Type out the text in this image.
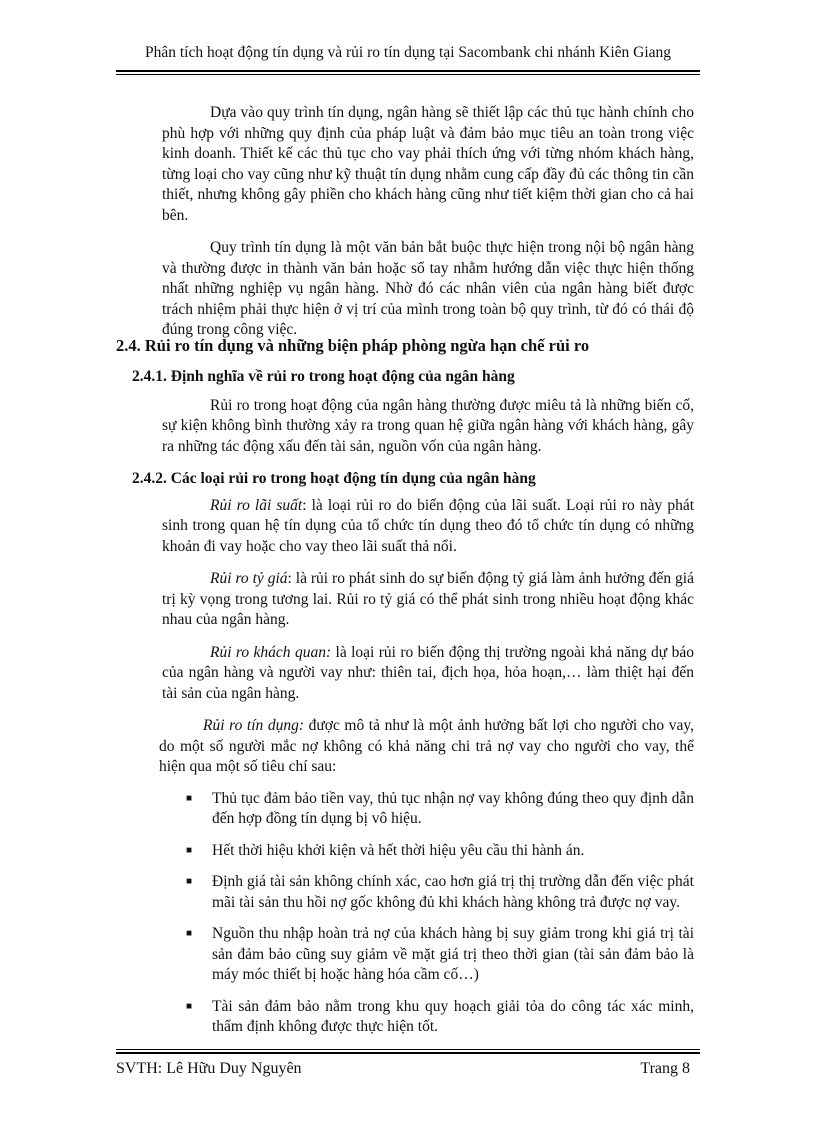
Phân tích hoạt động tín dụng và rủi ro tín dụng tại Sacombank chi nhánh Kiên Giang

Dựa vào quy trình tín dụng, ngân hàng sẽ thiết lập các thủ tục hành chính cho phù hợp với những quy định của pháp luật và đảm bảo mục tiêu an toàn trong việc kinh doanh. Thiết kế các thủ tục cho vay phải thích ứng với từng nhóm khách hàng, từng loại cho vay cũng như kỹ thuật tín dụng nhằm cung cấp đầy đủ các thông tin cần thiết, nhưng không gây phiền cho khách hàng cũng như tiết kiệm thời gian cho cả hai bên.

Quy trình tín dụng là một văn bản bắt buộc thực hiện trong nội bộ ngân hàng và thường được in thành văn bản hoặc sổ tay nhằm hướng dẫn việc thực hiện thống nhất những nghiệp vụ ngân hàng. Nhờ đó các nhân viên của ngân hàng biết được trách nhiệm phải thực hiện ở vị trí của mình trong toàn bộ quy trình, từ đó có thái độ đúng trong công việc.

2.4. Rủi ro tín dụng và những biện pháp phòng ngừa hạn chế rủi ro

2.4.1. Định nghĩa về rủi ro trong hoạt động của ngân hàng

Rủi ro trong hoạt động của ngân hàng thường được miêu tả là những biến cố, sự kiện không bình thường xảy ra trong quan hệ giữa ngân hàng với khách hàng, gây ra những tác động xấu đến tài sản, nguồn vốn của ngân hàng.

2.4.2. Các loại rủi ro trong hoạt động tín dụng của ngân hàng

Rủi ro lãi suất: là loại rủi ro do biến động của lãi suất. Loại rủi ro này phát sinh trong quan hệ tín dụng của tổ chức tín dụng theo đó tổ chức tín dụng có những khoản đi vay hoặc cho vay theo lãi suất thả nổi.

Rủi ro tỷ giá: là rủi ro phát sinh do sự biến động tỷ giá làm ảnh hưởng đến giá trị kỳ vọng trong tương lai. Rủi ro tỷ giá có thể phát sinh trong nhiều hoạt động khác nhau của ngân hàng.

Rủi ro khách quan: là loại rủi ro biến động thị trường ngoài khả năng dự báo của ngân hàng và người vay như: thiên tai, địch họa, hỏa hoạn,… làm thiệt hại đến tài sản của ngân hàng.

Rủi ro tín dụng: được mô tả như là một ảnh hưởng bất lợi cho người cho vay, do một số người mắc nợ không có khả năng chi trả nợ vay cho người cho vay, thể hiện qua một số tiêu chí sau:

■ Thủ tục đảm bảo tiền vay, thủ tục nhận nợ vay không đúng theo quy định dẫn đến hợp đồng tín dụng bị vô hiệu.
■ Hết thời hiệu khởi kiện và hết thời hiệu yêu cầu thi hành án.
■ Định giá tài sản không chính xác, cao hơn giá trị thị trường dẫn đến việc phát mãi tài sản thu hồi nợ gốc không đủ khi khách hàng không trả được nợ vay.
■ Nguồn thu nhập hoàn trả nợ của khách hàng bị suy giảm trong khi giá trị tài sản đảm bảo cũng suy giảm về mặt giá trị theo thời gian (tài sản đảm bảo là máy móc thiết bị hoặc hàng hóa cầm cố…)
■ Tài sản đảm bảo nằm trong khu quy hoạch giải tỏa do công tác xác minh, thẩm định không được thực hiện tốt.
SVTH: Lê Hữu Duy Nguyên	Trang 8
